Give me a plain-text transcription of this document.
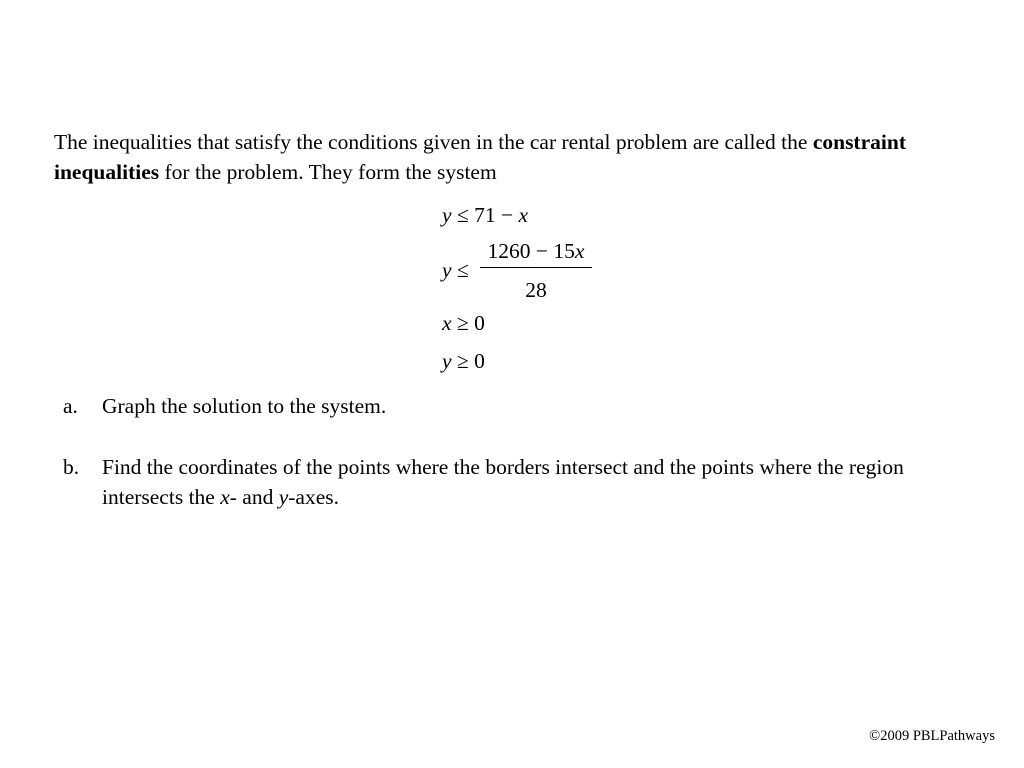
The inequalities that satisfy the conditions given in the car rental problem are called the constraint inequalities for the problem. They form the system

y ≤ 71 − x
y ≤
1260 − 15x
28
x ≥ 0
y ≥ 0
a. Graph the solution to the system.
b. Find the coordinates of the points where the borders intersect and the points where the region intersects the x- and y-axes.
©2009 PBLPathways
